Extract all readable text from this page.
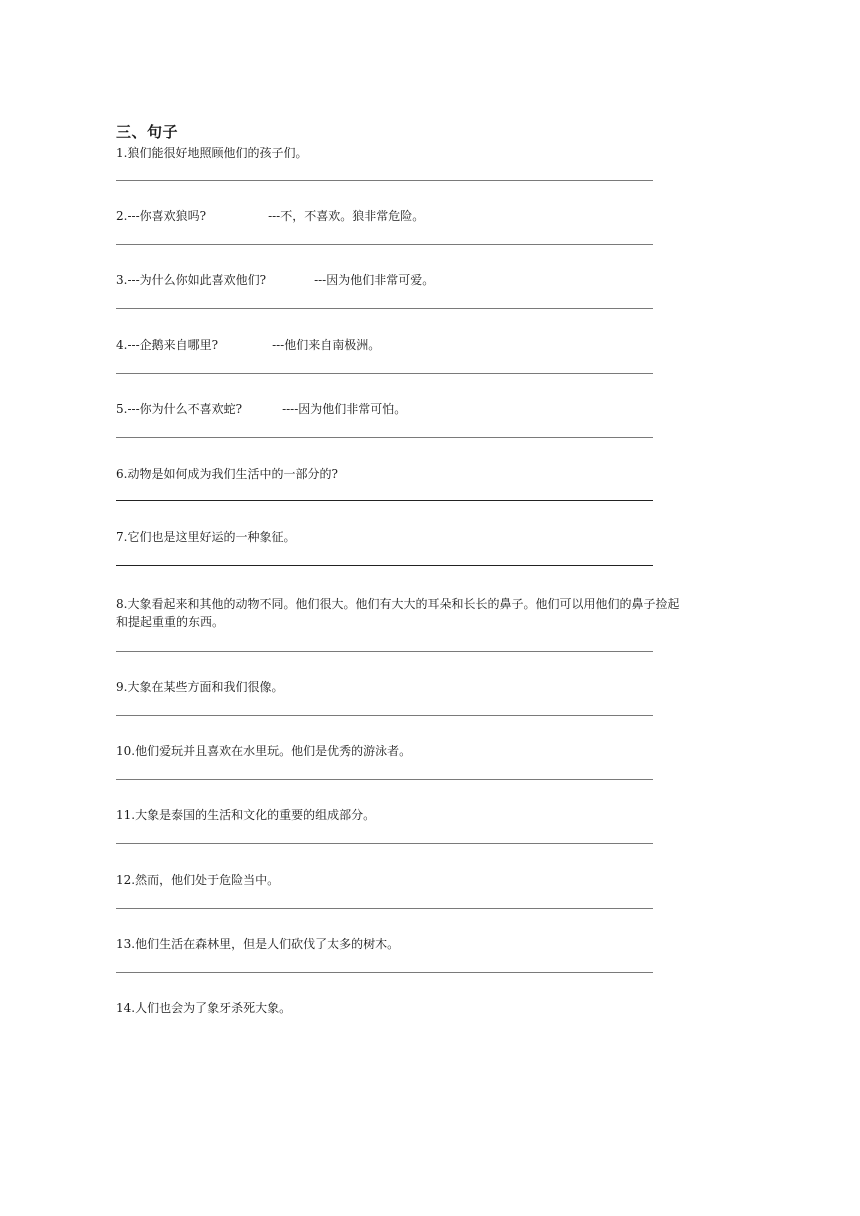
三、句子
1.狼们能很好地照顾他们的孩子们。
2.---你喜欢狼吗?	---不，不喜欢。狼非常危险。
3.---为什么你如此喜欢他们?	---因为他们非常可爱。
4.---企鹅来自哪里?	---他们来自南极洲。
5.---你为什么不喜欢蛇?	----因为他们非常可怕。
6.动物是如何成为我们生活中的一部分的?
7.它们也是这里好运的一种象征。
8.大象看起来和其他的动物不同。他们很大。他们有大大的耳朵和长长的鼻子。他们可以用他们的鼻子捡起和提起重重的东西。
9.大象在某些方面和我们很像。
10.他们爱玩并且喜欢在水里玩。他们是优秀的游泳者。
11.大象是泰国的生活和文化的重要的组成部分。
12.然而，他们处于危险当中。
13.他们生活在森林里，但是人们砍伐了太多的树木。
14.人们也会为了象牙杀死大象。
